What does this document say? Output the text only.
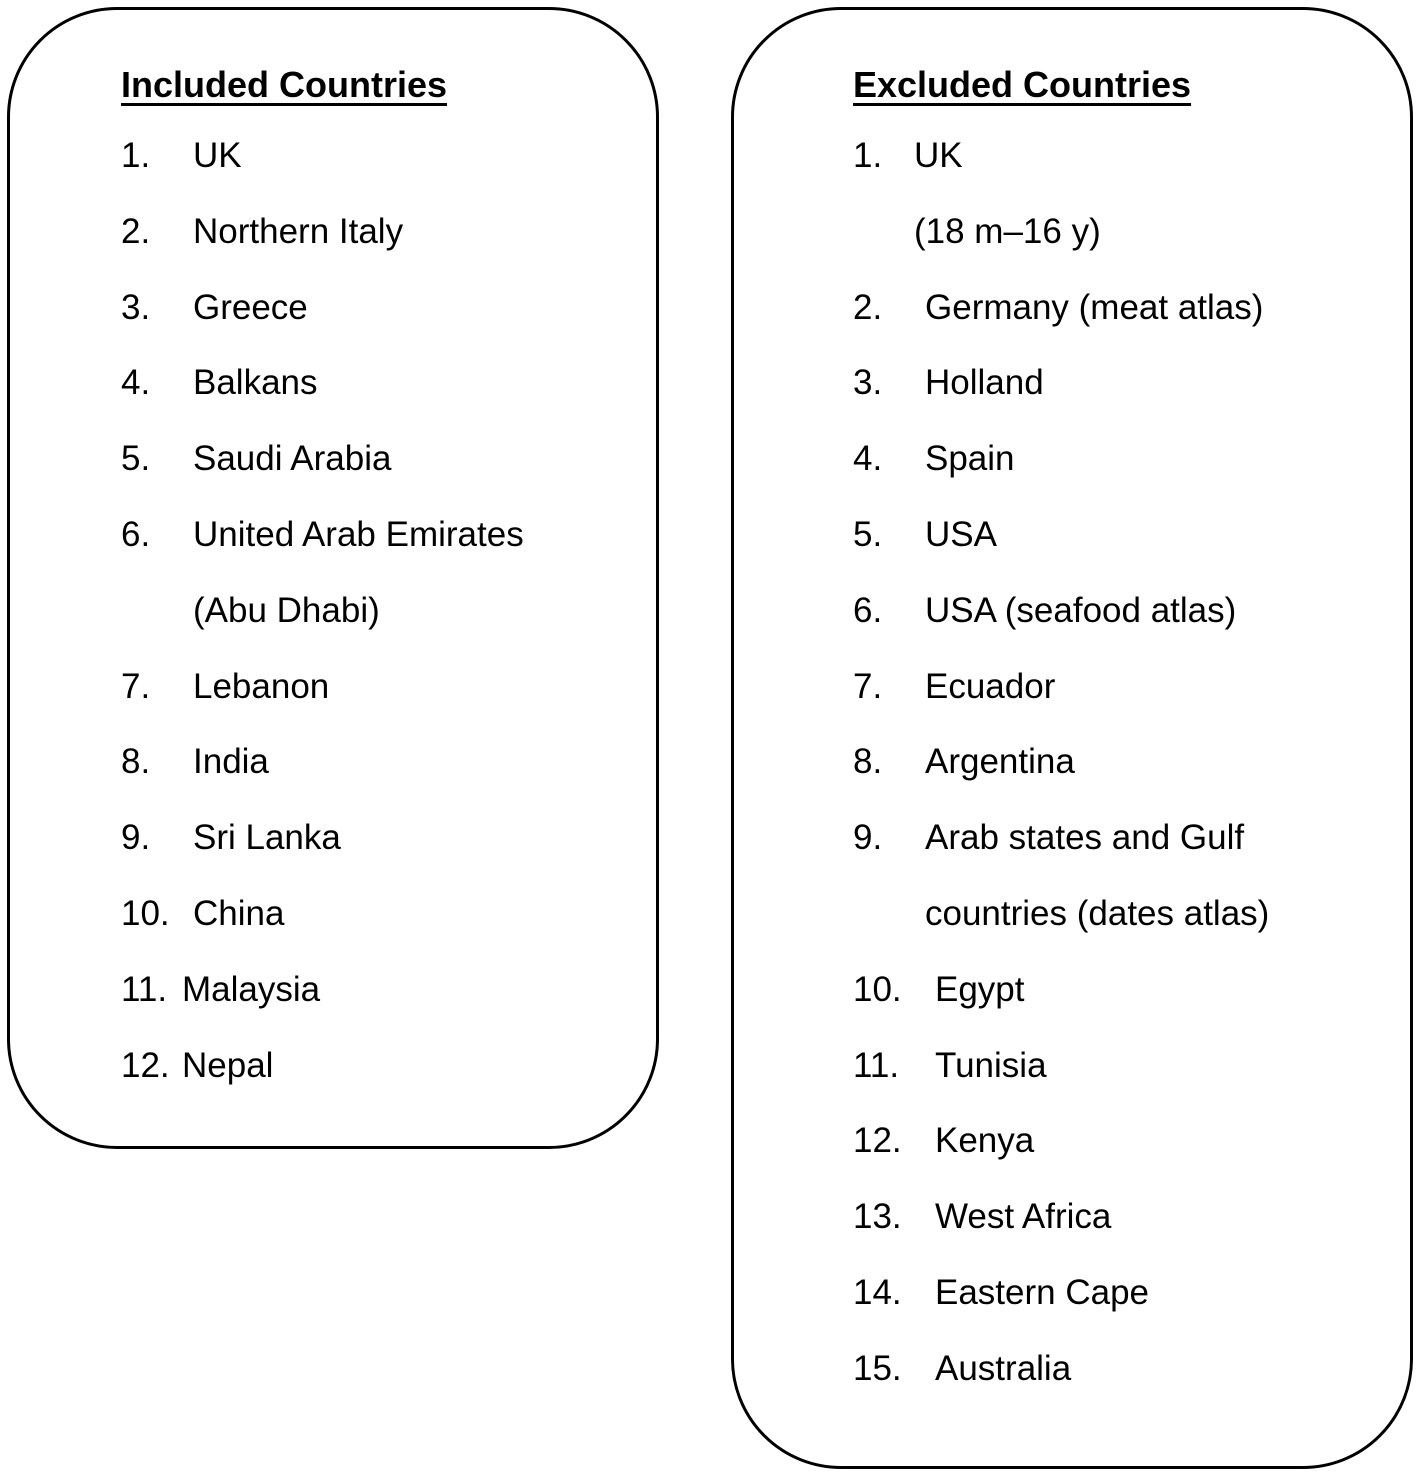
Included Countries
1. UK
2. Northern Italy
3. Greece
4. Balkans
5. Saudi Arabia
6. United Arab Emirates
(Abu Dhabi)
7. Lebanon
8. India
9. Sri Lanka
10. China
11. Malaysia
12. Nepal
Excluded Countries
1. UK
(18 m–16 y)
2. Germany (meat atlas)
3. Holland
4. Spain
5. USA
6. USA (seafood atlas)
7. Ecuador
8. Argentina
9. Arab states and Gulf
countries (dates atlas)
10. Egypt
11. Tunisia
12. Kenya
13. West Africa
14. Eastern Cape
15. Australia
